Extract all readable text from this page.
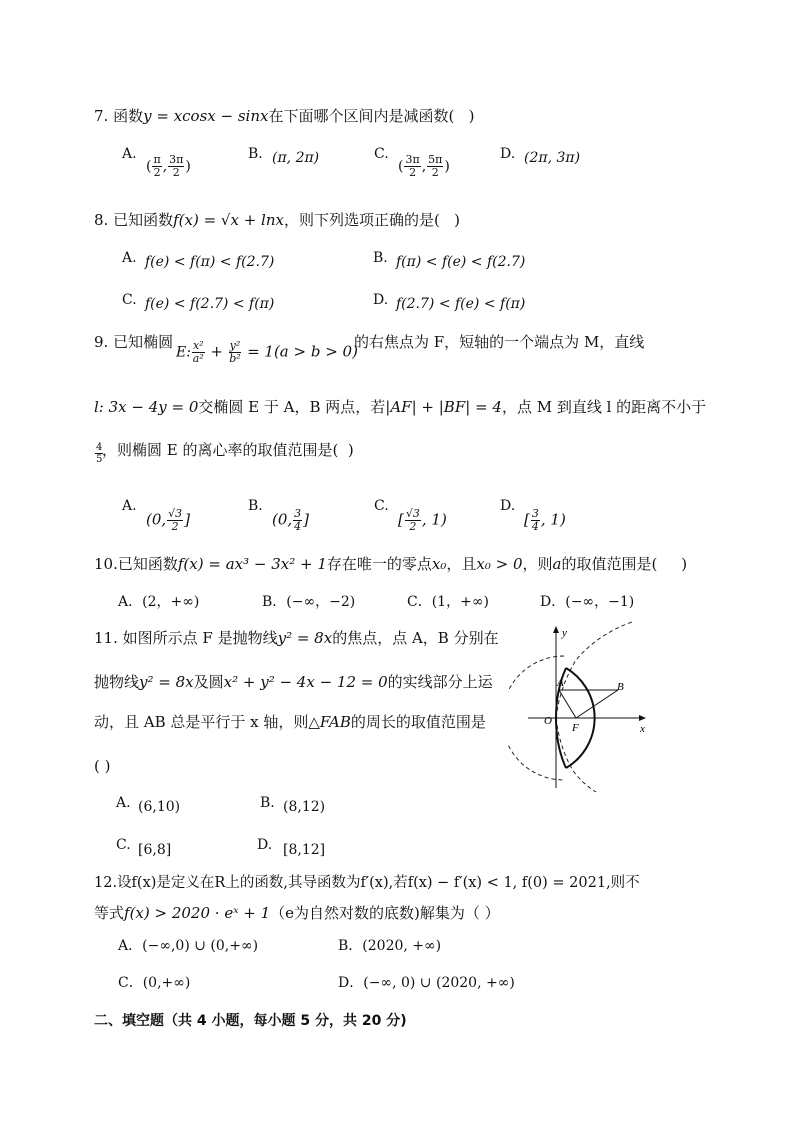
7. 函数y = xcosx − sinx在下面哪个区间内是减函数( )
A.
( $\frac{\pi}{2}$ , $\frac{3\pi}{2}$ )
B. (π, 2π)	C.
( $\frac{3\pi}{2}$ , $\frac{5\pi}{2}$ )
D. (2π, 3π)
8. 已知函数f(x) = √x + lnx，则下列选项正确的是( )
A. f(e) < f(π) < f(2.7)	B. f(π) < f(e) < f(2.7)
C. f(e) < f(2.7) < f(π)	D. f(2.7) < f(e) < f(π)
9. 已知椭圆
E: $\frac{\text{x²}}{\text{a²}} + \frac{\text{y²}}{\text{b²}} = 1(a > b > 0)$
的右焦点为 F，短轴的一个端点为 M，直线
l: 3x − 4y = 0交椭圆 E 于 A，B 两点，若|AF| + |BF| = 4，点 M 到直线 l 的距离不小于
$\frac{4}{5}$
，则椭圆 E 的离心率的取值范围是( )
A.
(0, $\frac{√3}{2}$ ]
B.
(0, $\frac{3}{4}$ ]
C.
[ $\frac{√3}{2}$ , 1)
D.
[ $\frac{3}{4}$ , 1)
10.已知函数f(x) = ax³ − 3x² + 1存在唯一的零点x₀，且x₀ > 0，则a的取值范围是( )
A．(2，+∞)	B．(−∞，−2)	C．(1，+∞)	D．(−∞，−1)
11. 如图所示点 F 是抛物线y² = 8x的焦点，点 A，B 分别在
抛物线y² = 8x及圆x² + y² − 4x − 12 = 0的实线部分上运
动，且 AB 总是平行于 x 轴，则△FAB的周长的取值范围是
( )
y
x
O
F
A	B
A. (6,10)	B. (8,12)
C. [6,8]	D. [8,12]
12.设f(x)是定义在R上的函数,其导函数为f′(x),若f(x) − f′(x) < 1, f(0) = 2021,则不
等式f(x) > 2020 · eˣ + 1（e为自然对数的底数)解集为（ ）
A．(−∞,0) ∪ (0,+∞)	B．(2020, +∞)
C．(0,+∞)	D．(−∞, 0) ∪ (2020, +∞)
二、填空题（共 4 小题，每小题 5 分，共 20 分)
